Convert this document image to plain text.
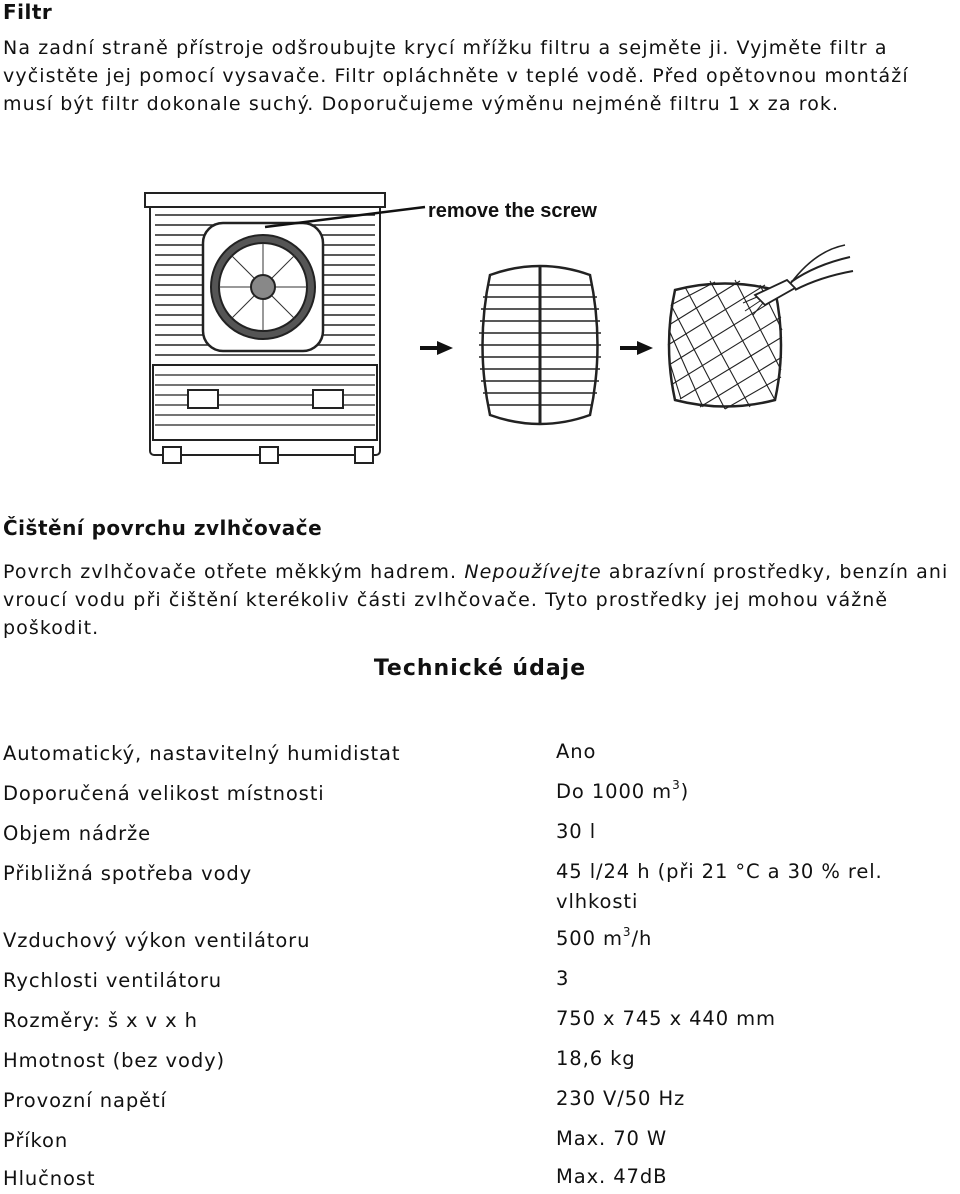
Filtr

Na zadní straně přístroje odšroubujte krycí mřížku filtru a sejměte ji. Vyjměte filtr a vyčistěte jej pomocí vysavače. Filtr opláchněte v teplé vodě. Před opětovnou montáží musí být filtr dokonale suchý. Doporučujeme výměnu nejméně filtru 1 x za rok.

remove the screw
Čištění povrchu zvlhčovače

Povrch zvlhčovače otřete měkkým hadrem. Nepoužívejte abrazívní prostředky, benzín ani vroucí vodu při čištění kterékoliv části zvlhčovače. Tyto prostředky jej mohou vážně poškodit.

Technické údaje
Automatický, nastavitelný humidistat	Ano
Doporučená velikost místnosti	Do 1000 $m^3$)
Objem nádrže	30 l
Přibližná spotřeba vody	45 l/24 h (při 21 °C a 30 % rel. vlhkosti
Vzduchový výkon ventilátoru	500 $m^3/h$
Rychlosti ventilátoru	3
Rozměry: š x v x h	750 x 745 x 440 mm
Hmotnost (bez vody)	18,6 kg
Provozní napětí	230 V/50 Hz
Příkon	Max. 70 W
Hlučnost	Max. 47dB
